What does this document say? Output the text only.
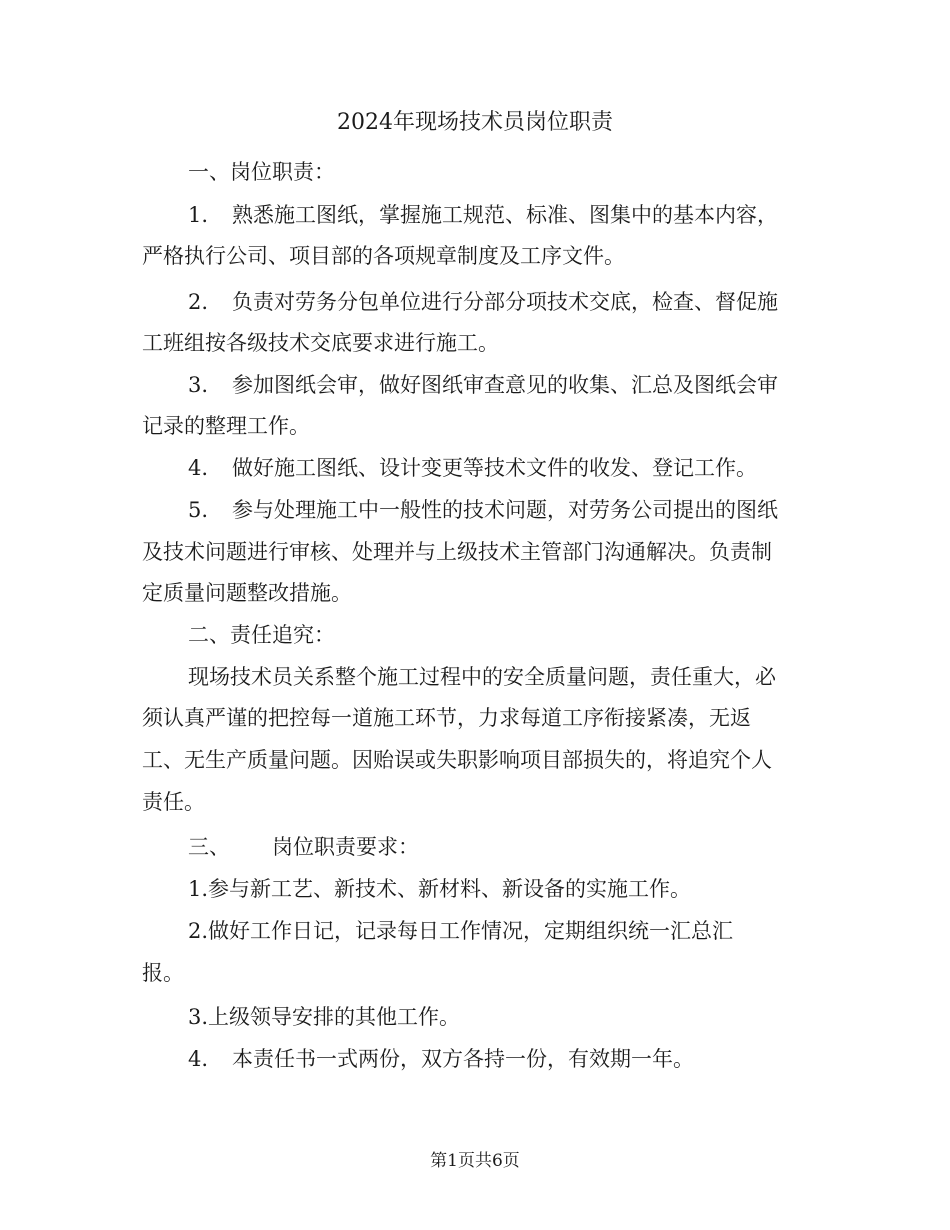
2024年现场技术员岗位职责
一、岗位职责：
1. 熟悉施工图纸，掌握施工规范、标准、图集中的基本内容，
严格执行公司、项目部的各项规章制度及工序文件。
2. 负责对劳务分包单位进行分部分项技术交底，检查、督促施
工班组按各级技术交底要求进行施工。
3. 参加图纸会审，做好图纸审查意见的收集、汇总及图纸会审
记录的整理工作。
4. 做好施工图纸、设计变更等技术文件的收发、登记工作。
5. 参与处理施工中一般性的技术问题，对劳务公司提出的图纸
及技术问题进行审核、处理并与上级技术主管部门沟通解决。负责制
定质量问题整改措施。
二、责任追究：
现场技术员关系整个施工过程中的安全质量问题，责任重大，必
须认真严谨的把控每一道施工环节，力求每道工序衔接紧凑，无返
工、无生产质量问题。因贻误或失职影响项目部损失的，将追究个人
责任。
三、 岗位职责要求：
1.参与新工艺、新技术、新材料、新设备的实施工作。
2.做好工作日记，记录每日工作情况，定期组织统一汇总汇
报。
3.上级领导安排的其他工作。
4. 本责任书一式两份，双方各持一份，有效期一年。
第1页共6页
